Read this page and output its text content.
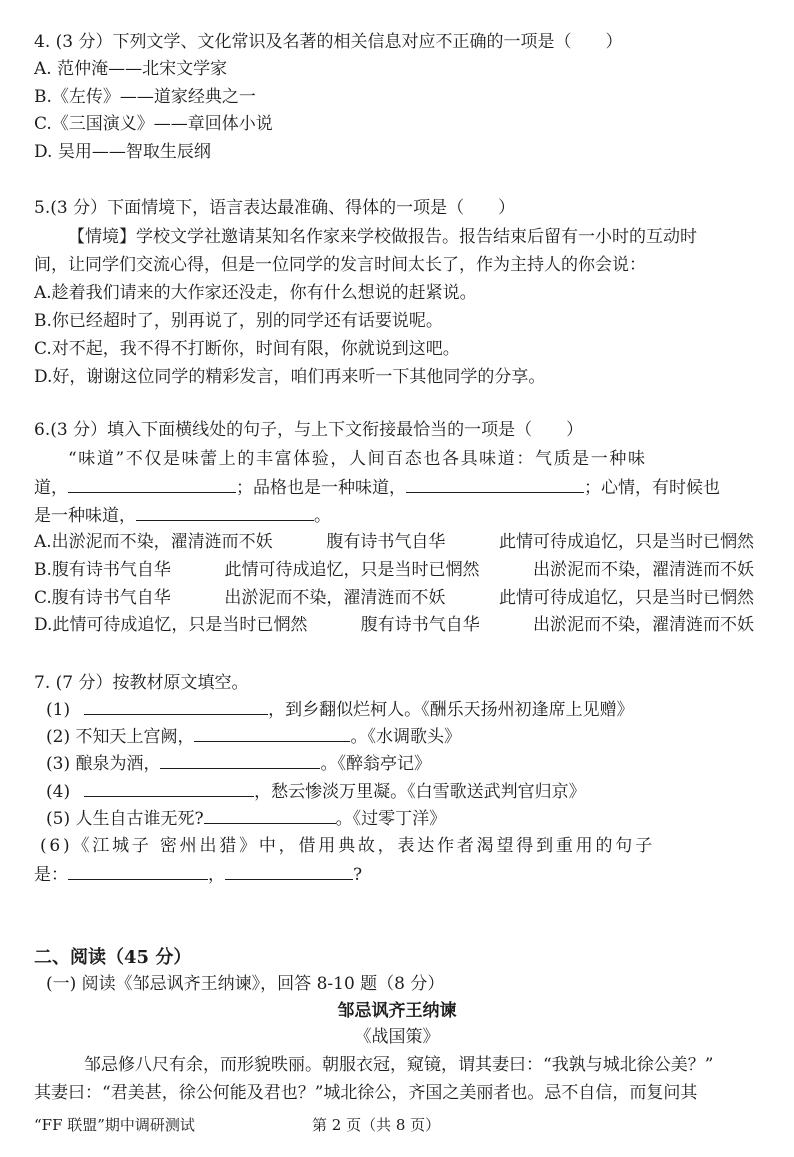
4. (3 分）下列文学、文化常识及名著的相关信息对应不正确的一项是（　　）
A. 范仲淹——北宋文学家
B.《左传》——道家经典之一
C.《三国演义》——章回体小说
D. 吴用——智取生辰纲
5.(3 分）下面情境下，语言表达最准确、得体的一项是（　　）
【情境】学校文学社邀请某知名作家来学校做报告。报告结束后留有一小时的互动时
间，让同学们交流心得，但是一位同学的发言时间太长了，作为主持人的你会说：
A.趁着我们请来的大作家还没走，你有什么想说的赶紧说。
B.你已经超时了，别再说了，别的同学还有话要说呢。
C.对不起，我不得不打断你，时间有限，你就说到这吧。
D.好，谢谢这位同学的精彩发言，咱们再来听一下其他同学的分享。
6.(3 分）填入下面横线处的句子，与上下文衔接最恰当的一项是（　　）
“味道”不仅是味蕾上的丰富体验，人间百态也各具味道：气质是一种味
道，	；品格也是一种味道，	；心情，有时候也
是一种味道，	。
A.出淤泥而不染，濯清涟而不妖	腹有诗书气自华	此情可待成追忆，只是当时已惘然
B.腹有诗书气自华	此情可待成追忆，只是当时已惘然	出淤泥而不染，濯清涟而不妖
C.腹有诗书气自华	出淤泥而不染，濯清涟而不妖	此情可待成追忆，只是当时已惘然
D.此情可待成追忆，只是当时已惘然	腹有诗书气自华	出淤泥而不染，濯清涟而不妖
7. (7 分）按教材原文填空。
(1)	，到乡翻似烂柯人。《酬乐天扬州初逢席上见赠》
(2) 不知天上宫阙，	。《水调歌头》
(3) 酿泉为酒，	。《醉翁亭记》
(4)	，愁云惨淡万里凝。《白雪歌送武判官归京》
(5) 人生自古谁无死?	。《过零丁洋》
(6)《江城子 密州出猎》中，借用典故，表达作者渴望得到重用的句子
是：	，	?
二、阅读（45 分）
(一) 阅读《邹忌讽齐王纳谏》，回答 8-10 题（8 分）
邹忌讽齐王纳谏
《战国策》
邹忌修八尺有余，而形貌昳丽。朝服衣冠，窥镜，谓其妻曰：“我孰与城北徐公美？”
其妻曰：“君美甚，徐公何能及君也？”城北徐公，齐国之美丽者也。忌不自信，而复问其
“FF 联盟”期中调研测试	第 2 页（共 8 页）
